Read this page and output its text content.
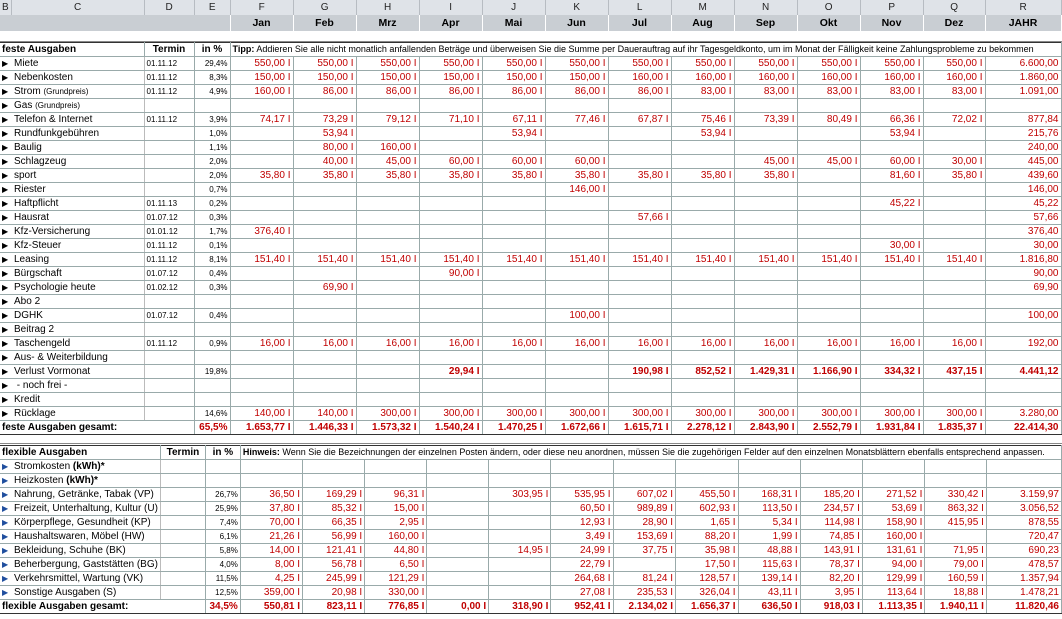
B	C	D	E	F	G	H	I	J	K	L	M	N	O	P	Q	R
	Jan	Feb	Mrz	Apr	Mai	Jun	Jul	Aug	Sep	Okt	Nov	Dez	JAHR
feste Ausgaben	Termin	in %	Tipp: Addieren Sie alle nicht monatlich anfallenden Beträge und überweisen Sie die Summe per Dauerauftrag auf ihr Tagesgeldkonto, um im Monat der Fälligkeit keine Zahlungsprobleme zu bekommen												
▶ Miete	01.11.12	29,4%	550,00 I	550,00 I	550,00 I	550,00 I	550,00 I	550,00 I	550,00 I	550,00 I	550,00 I	550,00 I	550,00 I	550,00 I	6.600,00
▶ Nebenkosten	01.11.12	8,3%	150,00 I	150,00 I	150,00 I	150,00 I	150,00 I	150,00 I	160,00 I	160,00 I	160,00 I	160,00 I	160,00 I	160,00 I	1.860,00
▶ Strom (Grundpreis)	01.11.12	4,9%	160,00 I	86,00 I	86,00 I	86,00 I	86,00 I	86,00 I	86,00 I	83,00 I	83,00 I	83,00 I	83,00 I	83,00 I	1.091,00
▶ Gas (Grundpreis)															
▶ Telefon & Internet	01.11.12	3,9%	74,17 I	73,29 I	79,12 I	71,10 I	67,11 I	77,46 I	67,87 I	75,46 I	73,39 I	80,49 I	66,36 I	72,02 I	877,84
▶ Rundfunkgebühren		1,0%		53,94 I			53,94 I			53,94 I			53,94 I		215,76
▶ Baulig		1,1%		80,00 I	160,00 I										240,00
▶ Schlagzeug		2,0%		40,00 I	45,00 I	60,00 I	60,00 I	60,00 I			45,00 I	45,00 I	60,00 I	30,00 I	445,00
▶ sport		2,0%	35,80 I	35,80 I	35,80 I	35,80 I	35,80 I	35,80 I	35,80 I	35,80 I	35,80 I		81,60 I	35,80 I	439,60
▶ Riester		0,7%						146,00 I							146,00
▶ Haftpflicht	01.11.13	0,2%											45,22 I		45,22
▶ Hausrat	01.07.12	0,3%							57,66 I						57,66
▶ Kfz-Versicherung	01.01.12	1,7%	376,40 I												376,40
▶ Kfz-Steuer	01.11.12	0,1%											30,00 I		30,00
▶ Leasing	01.11.12	8,1%	151,40 I	151,40 I	151,40 I	151,40 I	151,40 I	151,40 I	151,40 I	151,40 I	151,40 I	151,40 I	151,40 I	151,40 I	1.816,80
▶ Bürgschaft	01.07.12	0,4%				90,00 I									90,00
▶ Psychologie heute	01.02.12	0,3%		69,90 I											69,90
▶ Abo 2															
▶ DGHK	01.07.12	0,4%						100,00 I							100,00
▶ Beitrag 2															
▶ Taschengeld	01.11.12	0,9%	16,00 I	16,00 I	16,00 I	16,00 I	16,00 I	16,00 I	16,00 I	16,00 I	16,00 I	16,00 I	16,00 I	16,00 I	192,00
▶ Aus- & Weiterbildung															
▶ Verlust Vormonat		19,8%				29,94 I			190,98 I	852,52 I	1.429,31 I	1.166,90 I	334,32 I	437,15 I	4.441,12
▶ - noch frei -															
▶ Kredit															
▶ Rücklage		14,6%	140,00 I	140,00 I	300,00 I	300,00 I	300,00 I	300,00 I	300,00 I	300,00 I	300,00 I	300,00 I	300,00 I	300,00 I	3.280,00
feste Ausgaben gesamt:		65,5%	1.653,77 I	1.446,33 I	1.573,32 I	1.540,24 I	1.470,25 I	1.672,66 I	1.615,71 I	2.278,12 I	2.843,90 I	2.552,79 I	1.931,84 I	1.835,37 I	22.414,30
flexible Ausgaben	Termin	in %	Hinweis: Wenn Sie die Bezeichnungen der einzelnen Posten ändern, oder diese neu anordnen, müssen Sie die zugehörigen Felder auf den einzelnen Monatsblättern ebenfalls entsprechend anpassen.												
▶ Stromkosten (kWh)*															
▶ Heizkosten (kWh)*															
▶ Nahrung, Getränke, Tabak (VP)		26,7%	36,50 I	169,29 I	96,31 I		303,95 I	535,95 I	607,02 I	455,50 I	168,31 I	185,20 I	271,52 I	330,42 I	3.159,97
▶ Freizeit, Unterhaltung, Kultur (U)		25,9%	37,80 I	85,32 I	15,00 I			60,50 I	989,89 I	602,93 I	113,50 I	234,57 I	53,69 I	863,32 I	3.056,52
▶ Körperpflege, Gesundheit (KP)		7,4%	70,00 I	66,35 I	2,95 I			12,93 I	28,90 I	1,65 I	5,34 I	114,98 I	158,90 I	415,95 I	878,55
▶ Haushaltswaren, Möbel (HW)		6,1%	21,26 I	56,99 I	160,00 I			3,49 I	153,69 I	88,20 I	1,99 I	74,85 I	160,00 I		720,47
▶ Bekleidung, Schuhe (BK)		5,8%	14,00 I	121,41 I	44,80 I		14,95 I	24,99 I	37,75 I	35,98 I	48,88 I	143,91 I	131,61 I	71,95 I	690,23
▶ Beherbergung, Gaststätten (BG)		4,0%	8,00 I	56,78 I	6,50 I			22,79 I		17,50 I	115,63 I	78,37 I	94,00 I	79,00 I	478,57
▶ Verkehrsmittel, Wartung (VK)		11,5%	4,25 I	245,99 I	121,29 I			264,68 I	81,24 I	128,57 I	139,14 I	82,20 I	129,99 I	160,59 I	1.357,94
▶ Sonstige Ausgaben (S)		12,5%	359,00 I	20,98 I	330,00 I			27,08 I	235,53 I	326,04 I	43,11 I	3,95 I	113,64 I	18,88 I	1.478,21
flexible Ausgaben gesamt:		34,5%	550,81 I	823,11 I	776,85 I	0,00 I	318,90 I	952,41 I	2.134,02 I	1.656,37 I	636,50 I	918,03 I	1.113,35 I	1.940,11 I	11.820,46
